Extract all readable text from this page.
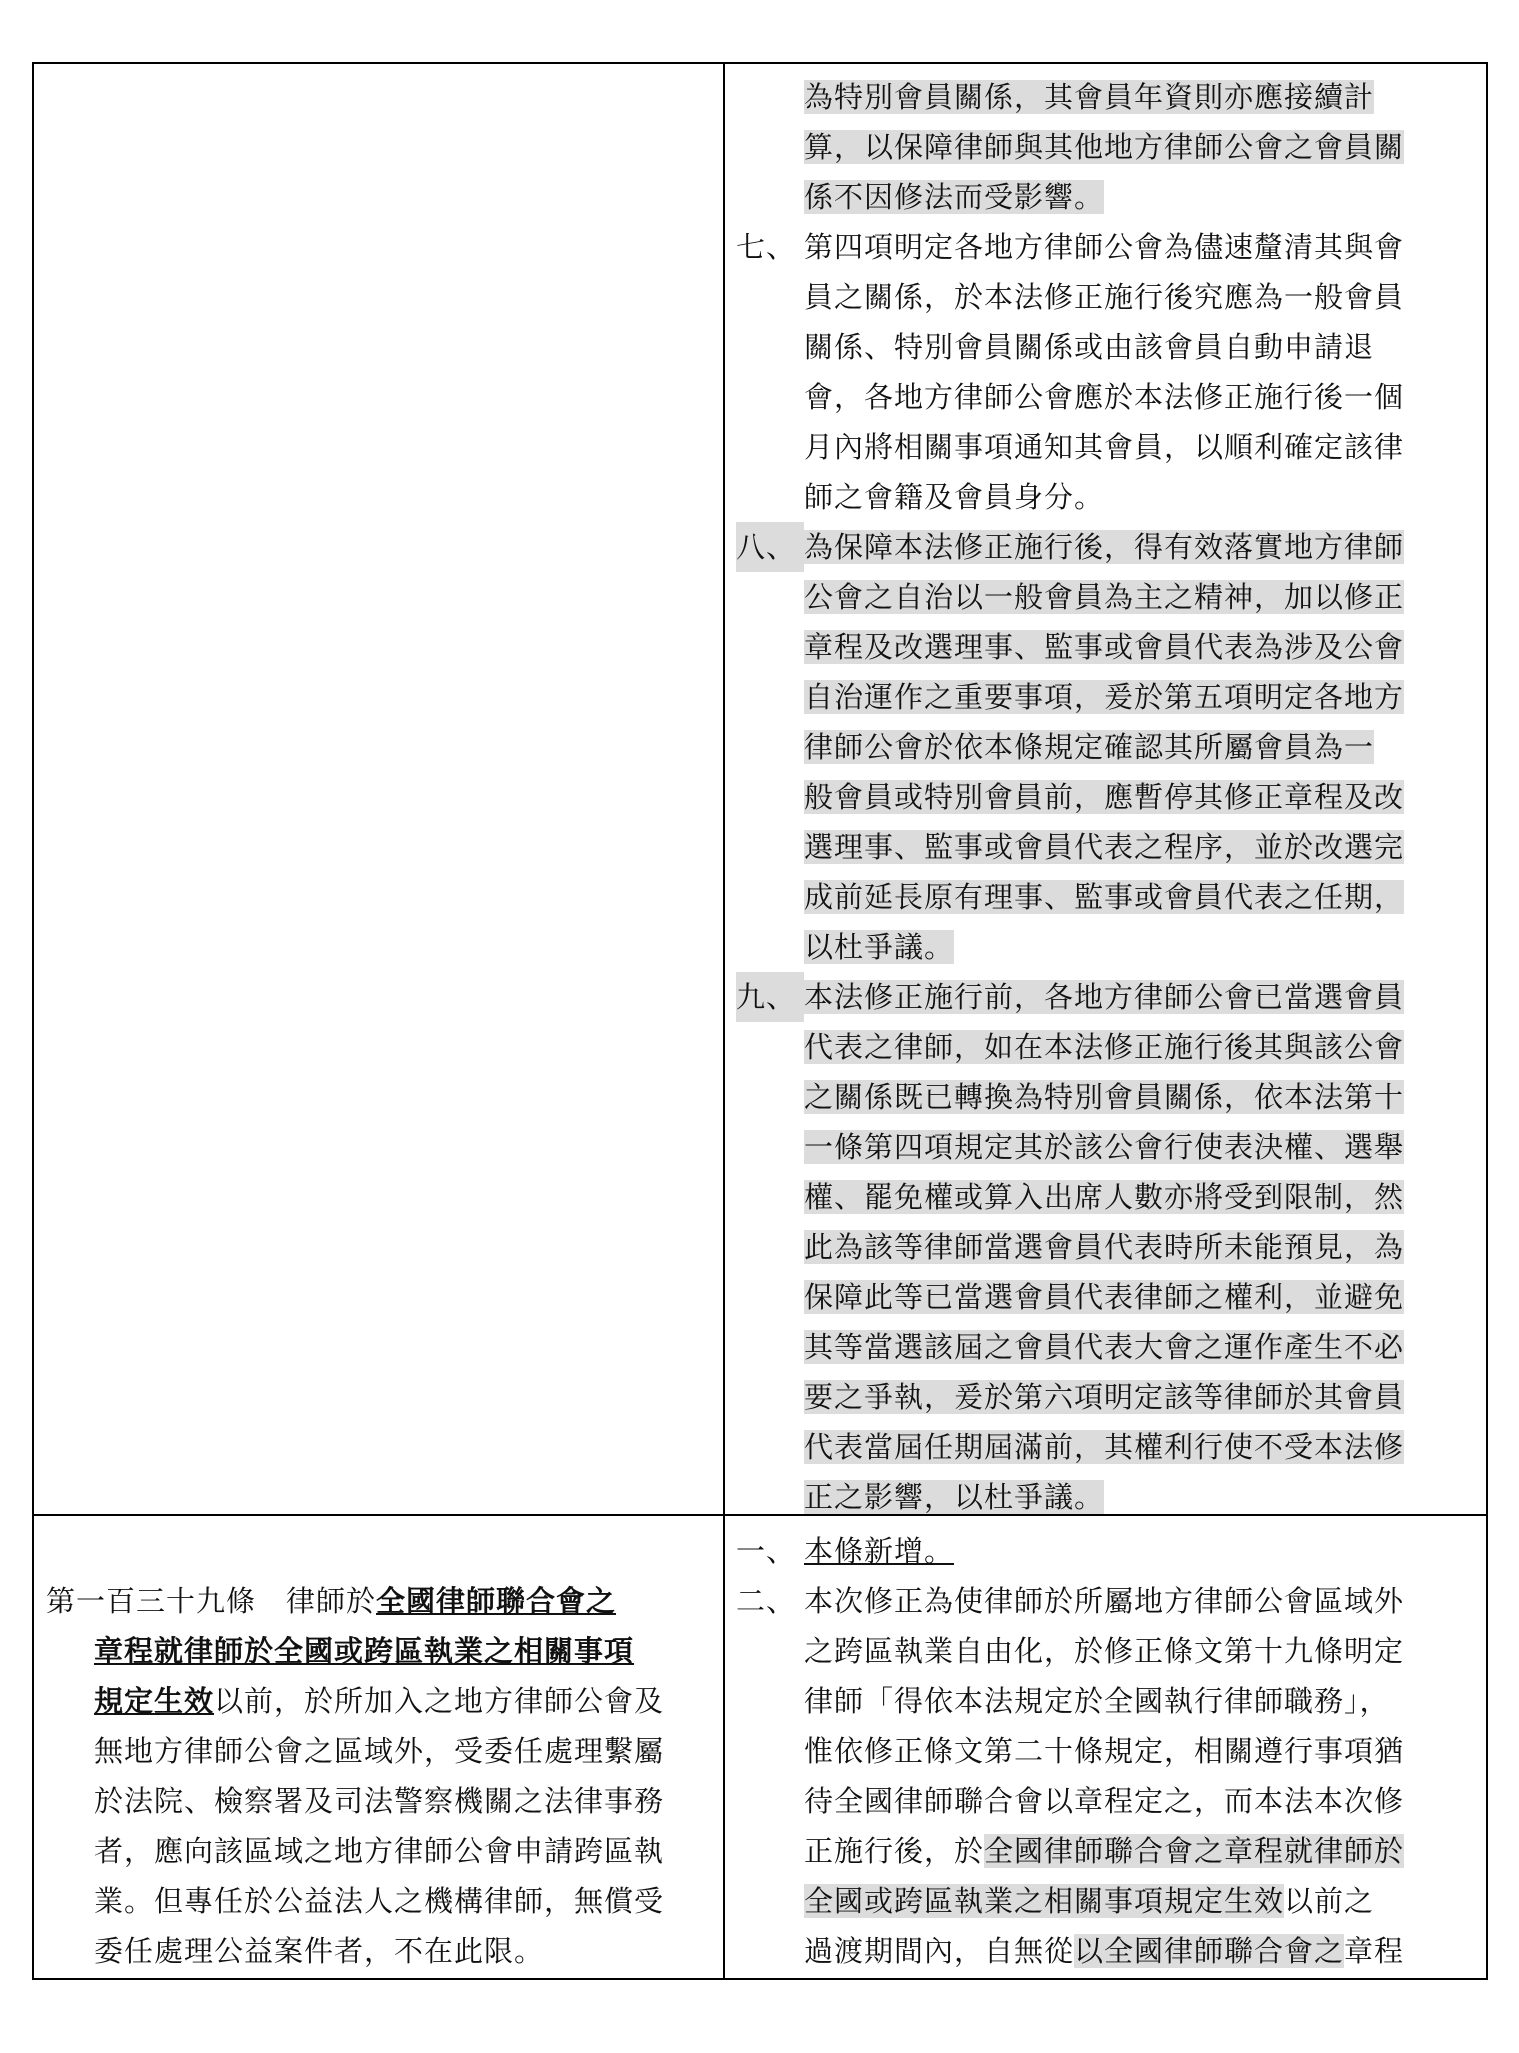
為特別會員關係，其會員年資則亦應接續計
算，以保障律師與其他地方律師公會之會員關
係不因修法而受影響。
七、 第四項明定各地方律師公會為儘速釐清其與會
員之關係，於本法修正施行後究應為一般會員
關係、特別會員關係或由該會員自動申請退
會，各地方律師公會應於本法修正施行後一個
月內將相關事項通知其會員，以順利確定該律
師之會籍及會員身分。
八、 為保障本法修正施行後，得有效落實地方律師
公會之自治以一般會員為主之精神，加以修正
章程及改選理事、監事或會員代表為涉及公會
自治運作之重要事項，爰於第五項明定各地方
律師公會於依本條規定確認其所屬會員為一
般會員或特別會員前，應暫停其修正章程及改
選理事、監事或會員代表之程序，並於改選完
成前延長原有理事、監事或會員代表之任期，
以杜爭議。
九、 本法修正施行前，各地方律師公會已當選會員
代表之律師，如在本法修正施行後其與該公會
之關係既已轉換為特別會員關係，依本法第十
一條第四項規定其於該公會行使表決權、選舉
權、罷免權或算入出席人數亦將受到限制，然
此為該等律師當選會員代表時所未能預見，為
保障此等已當選會員代表律師之權利，並避免
其等當選該屆之會員代表大會之運作產生不必
要之爭執，爰於第六項明定該等律師於其會員
代表當屆任期屆滿前，其權利行使不受本法修
正之影響，以杜爭議。
第一百三十九條　律師於全國律師聯合會之
章程就律師於全國或跨區執業之相關事項
規定生效以前，於所加入之地方律師公會及
無地方律師公會之區域外，受委任處理繫屬
於法院、檢察署及司法警察機關之法律事務
者，應向該區域之地方律師公會申請跨區執
業。但專任於公益法人之機構律師，無償受
委任處理公益案件者，不在此限。
一、 本條新增。
二、 本次修正為使律師於所屬地方律師公會區域外
之跨區執業自由化，於修正條文第十九條明定
律師「得依本法規定於全國執行律師職務」，
惟依修正條文第二十條規定，相關遵行事項猶
待全國律師聯合會以章程定之，而本法本次修
正施行後，於全國律師聯合會之章程就律師於
全國或跨區執業之相關事項規定生效以前之
過渡期間內，自無從以全國律師聯合會之章程
